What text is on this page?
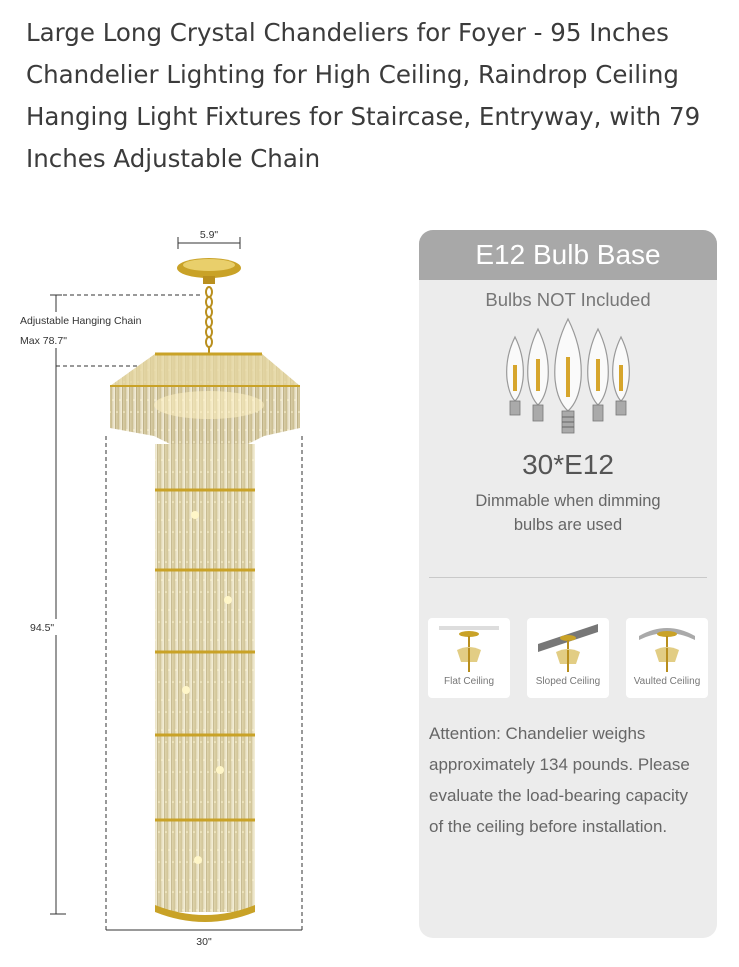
Large Long Crystal Chandeliers for Foyer - 95 Inches Chandelier Lighting for High Ceiling, Raindrop Ceiling Hanging Light Fixtures for Staircase, Entryway, with 79 Inches Adjustable Chain
5.9"
Adjustable Hanging Chain
Max 78.7"
94.5"
30"
E12 Bulb Base
Bulbs NOT Included
30*E12
Dimmable when dimming bulbs are used
Flat Ceiling	Sloped Ceiling	Vaulted Ceiling
Attention: Chandelier weighs approximately 134 pounds. Please evaluate the load-bearing capacity of the ceiling before installation.
